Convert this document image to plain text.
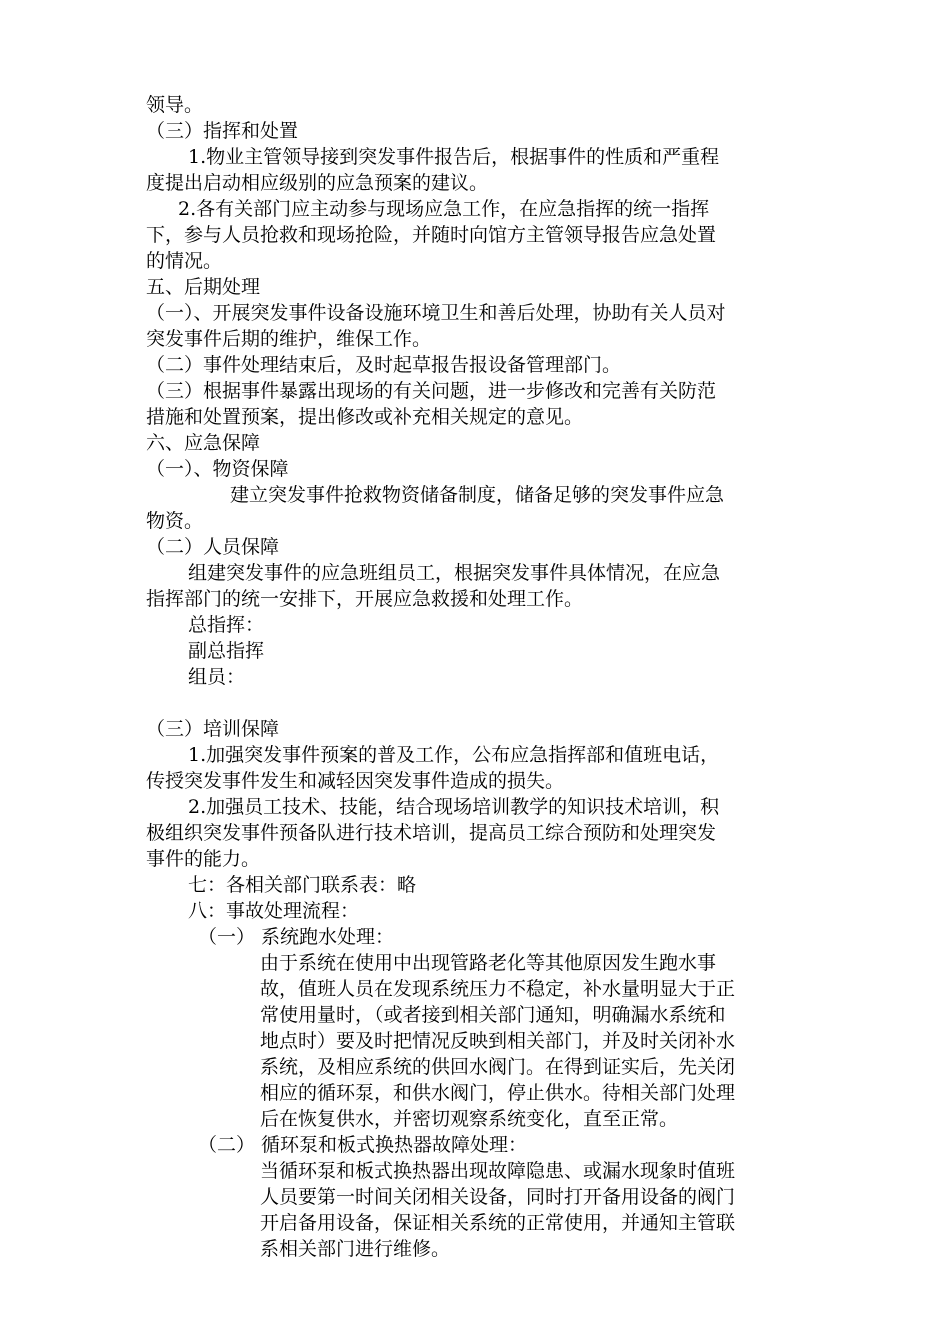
领导。
（三）指挥和处置
1.物业主管领导接到突发事件报告后，根据事件的性质和严重程
度提出启动相应级别的应急预案的建议。
2.各有关部门应主动参与现场应急工作，在应急指挥的统一指挥
下，参与人员抢救和现场抢险，并随时向馆方主管领导报告应急处置
的情况。
五、后期处理
（一）、开展突发事件设备设施环境卫生和善后处理，协助有关人员对
突发事件后期的维护，维保工作。
（二）事件处理结束后，及时起草报告报设备管理部门。
（三）根据事件暴露出现场的有关问题，进一步修改和完善有关防范
措施和处置预案，提出修改或补充相关规定的意见。
六、应急保障
（一）、物资保障
建立突发事件抢救物资储备制度，储备足够的突发事件应急
物资。
（二）人员保障
组建突发事件的应急班组员工，根据突发事件具体情况，在应急
指挥部门的统一安排下，开展应急救援和处理工作。
总指挥：
副总指挥
组员：
（三）培训保障
1.加强突发事件预案的普及工作，公布应急指挥部和值班电话，
传授突发事件发生和减轻因突发事件造成的损失。
2.加强员工技术、技能，结合现场培训教学的知识技术培训，积
极组织突发事件预备队进行技术培训，提高员工综合预防和处理突发
事件的能力。
七：各相关部门联系表：略
八：事故处理流程：
（一） 系统跑水处理：
由于系统在使用中出现管路老化等其他原因发生跑水事
故，值班人员在发现系统压力不稳定，补水量明显大于正
常使用量时，（或者接到相关部门通知，明确漏水系统和
地点时）要及时把情况反映到相关部门，并及时关闭补水
系统，及相应系统的供回水阀门。在得到证实后，先关闭
相应的循环泵，和供水阀门，停止供水。待相关部门处理
后在恢复供水，并密切观察系统变化，直至正常。
（二） 循环泵和板式换热器故障处理：
当循环泵和板式换热器出现故障隐患、或漏水现象时值班
人员要第一时间关闭相关设备，同时打开备用设备的阀门
开启备用设备，保证相关系统的正常使用，并通知主管联
系相关部门进行维修。
